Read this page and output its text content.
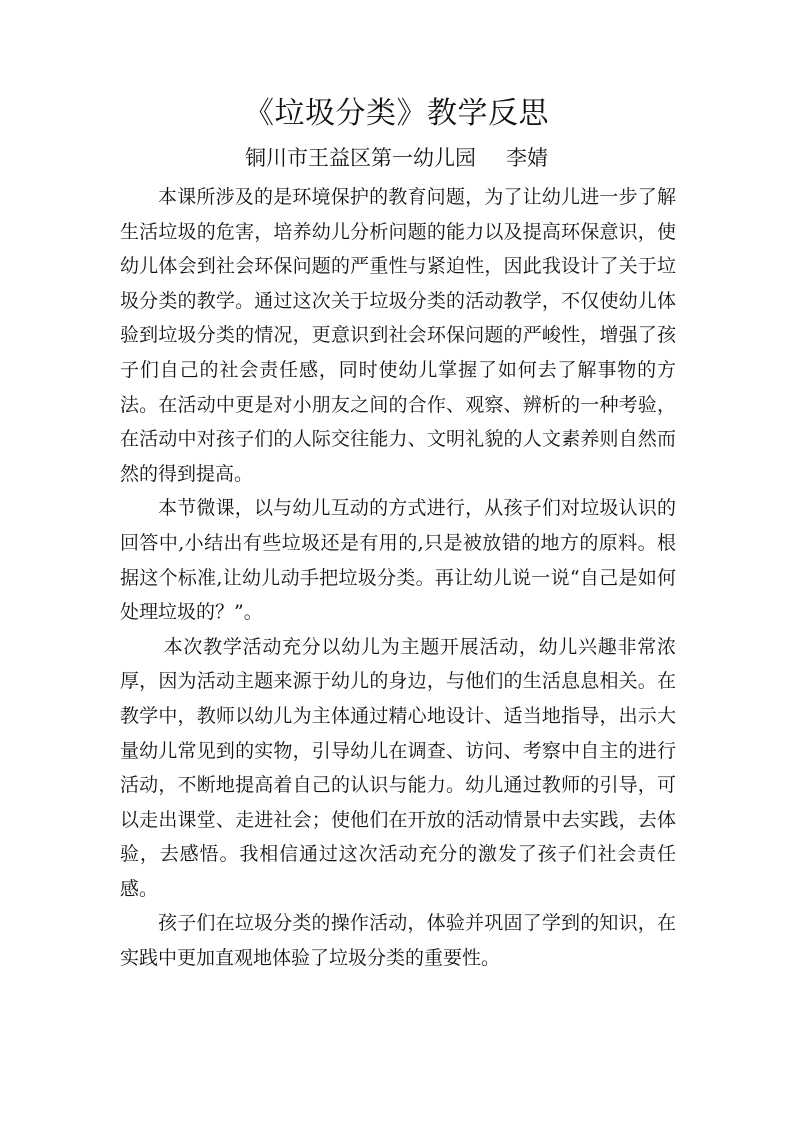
《垃圾分类》教学反思
铜川市王益区第一幼儿园 李婧

本课所涉及的是环境保护的教育问题，为了让幼儿进一步了解生活垃圾的危害，培养幼儿分析问题的能力以及提高环保意识，使幼儿体会到社会环保问题的严重性与紧迫性，因此我设计了关于垃圾分类的教学。通过这次关于垃圾分类的活动教学，不仅使幼儿体验到垃圾分类的情况，更意识到社会环保问题的严峻性，增强了孩子们自己的社会责任感，同时使幼儿掌握了如何去了解事物的方法。在活动中更是对小朋友之间的合作、观察、辨析的一种考验，在活动中对孩子们的人际交往能力、文明礼貌的人文素养则自然而然的得到提高。

本节微课，以与幼儿互动的方式进行，从孩子们对垃圾认识的回答中,小结出有些垃圾还是有用的,只是被放错的地方的原料。根据这个标准,让幼儿动手把垃圾分类。再让幼儿说一说“自己是如何处理垃圾的？”。

本次教学活动充分以幼儿为主题开展活动，幼儿兴趣非常浓厚，因为活动主题来源于幼儿的身边，与他们的生活息息相关。在教学中，教师以幼儿为主体通过精心地设计、适当地指导，出示大量幼儿常见到的实物，引导幼儿在调查、访问、考察中自主的进行活动，不断地提高着自己的认识与能力。幼儿通过教师的引导，可以走出课堂、走进社会；使他们在开放的活动情景中去实践，去体验，去感悟。我相信通过这次活动充分的激发了孩子们社会责任感。

孩子们在垃圾分类的操作活动，体验并巩固了学到的知识，在实践中更加直观地体验了垃圾分类的重要性。
